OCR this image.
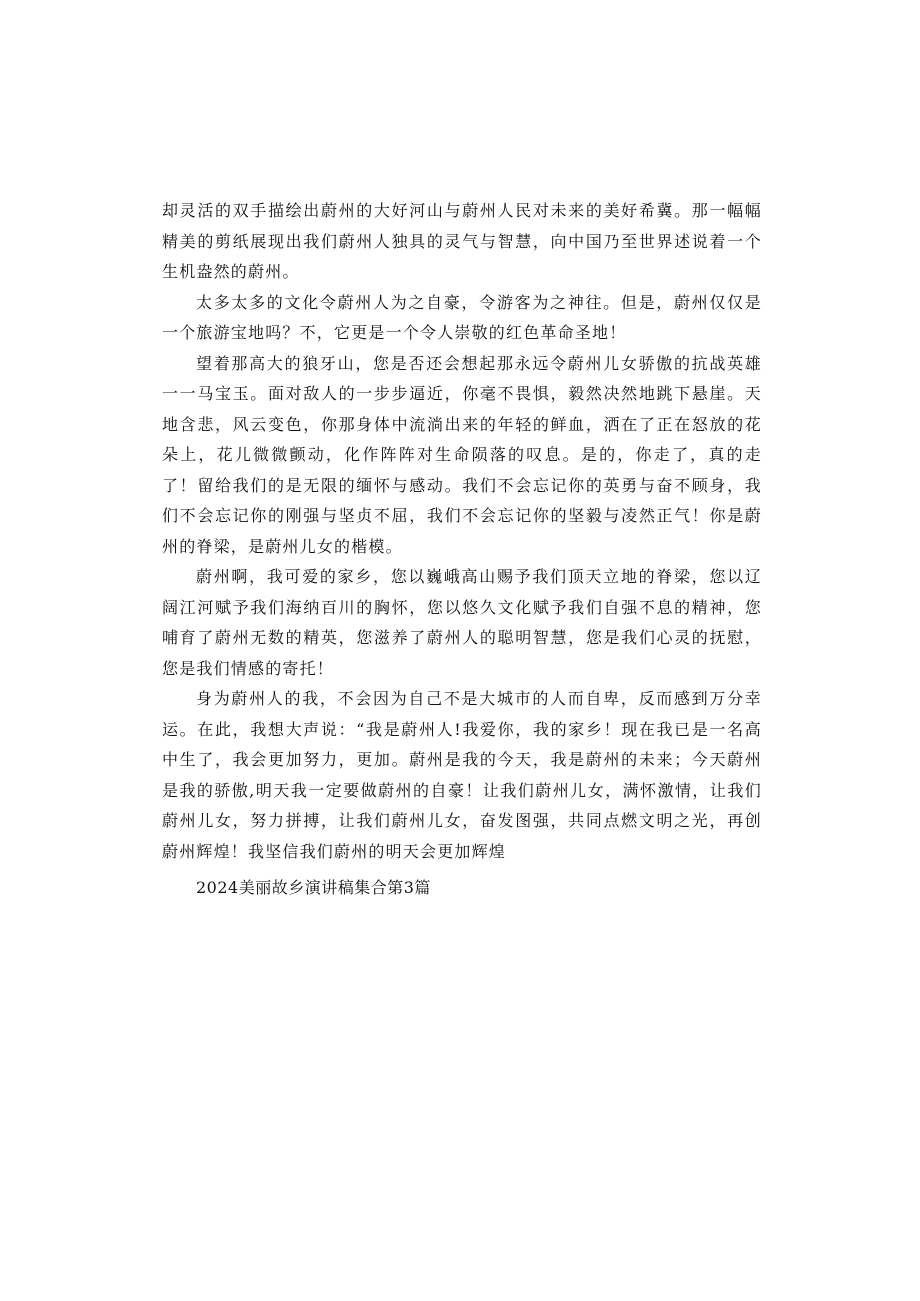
却灵活的双手描绘出蔚州的大好河山与蔚州人民对未来的美好希冀。那一幅幅精美的剪纸展现出我们蔚州人独具的灵气与智慧，向中国乃至世界述说着一个生机盎然的蔚州。

太多太多的文化令蔚州人为之自豪，令游客为之神往。但是，蔚州仅仅是一个旅游宝地吗？不，它更是一个令人崇敬的红色革命圣地！

望着那高大的狼牙山，您是否还会想起那永远令蔚州儿女骄傲的抗战英雄一一马宝玉。面对敌人的一步步逼近，你毫不畏惧，毅然决然地跳下悬崖。天地含悲，风云变色，你那身体中流淌出来的年轻的鲜血，洒在了正在怒放的花朵上，花儿微微颤动，化作阵阵对生命陨落的叹息。是的，你走了，真的走了！留给我们的是无限的缅怀与感动。我们不会忘记你的英勇与奋不顾身，我们不会忘记你的刚强与坚贞不屈，我们不会忘记你的坚毅与凌然正气！你是蔚州的脊梁，是蔚州儿女的楷模。

蔚州啊，我可爱的家乡，您以巍峨高山赐予我们顶天立地的脊梁，您以辽阔江河赋予我们海纳百川的胸怀，您以悠久文化赋予我们自强不息的精神，您哺育了蔚州无数的精英，您滋养了蔚州人的聪明智慧，您是我们心灵的抚慰，您是我们情感的寄托！

身为蔚州人的我，不会因为自己不是大城市的人而自卑，反而感到万分幸运。在此，我想大声说：“我是蔚州人!我爱你，我的家乡！现在我已是一名高中生了，我会更加努力，更加。蔚州是我的今天，我是蔚州的未来；今天蔚州是我的骄傲,明天我一定要做蔚州的自豪！让我们蔚州儿女，满怀激情，让我们蔚州儿女，努力拼搏，让我们蔚州儿女，奋发图强，共同点燃文明之光，再创蔚州辉煌！我坚信我们蔚州的明天会更加辉煌

2024美丽故乡演讲稿集合第3篇
